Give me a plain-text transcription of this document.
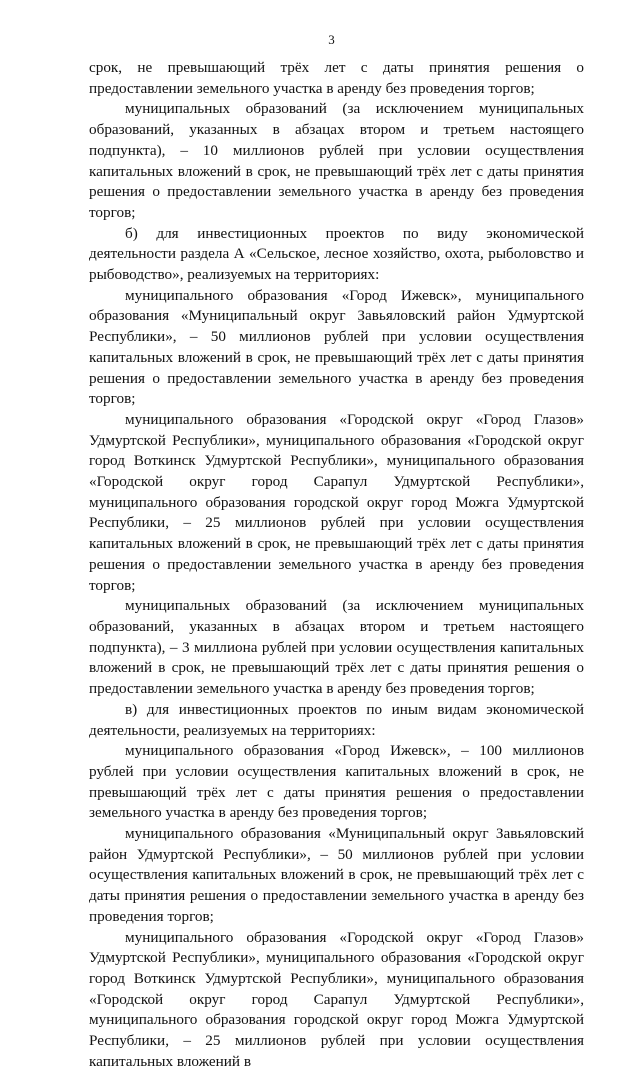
3

срок, не превышающий трёх лет с даты принятия решения о предоставлении земельного участка в аренду без проведения торгов;

муниципальных образований (за исключением муниципальных образований, указанных в абзацах втором и третьем настоящего подпункта), – 10 миллионов рублей при условии осуществления капитальных вложений в срок, не превышающий трёх лет с даты принятия решения о предоставлении земельного участка в аренду без проведения торгов;

б) для инвестиционных проектов по виду экономической деятельности раздела А «Сельское, лесное хозяйство, охота, рыболовство и рыбоводство», реализуемых на территориях:

муниципального образования «Город Ижевск», муниципального образования «Муниципальный округ Завьяловский район Удмуртской Республики», – 50 миллионов рублей при условии осуществления капитальных вложений в срок, не превышающий трёх лет с даты принятия решения о предоставлении земельного участка в аренду без проведения торгов;

муниципального образования «Городской округ «Город Глазов» Удмуртской Республики», муниципального образования «Городской округ город Воткинск Удмуртской Республики», муниципального образования «Городской округ город Сарапул Удмуртской Республики», муниципального образования городской округ город Можга Удмуртской Республики, – 25 миллионов рублей при условии осуществления капитальных вложений в срок, не превышающий трёх лет с даты принятия решения о предоставлении земельного участка в аренду без проведения торгов;

муниципальных образований (за исключением муниципальных образований, указанных в абзацах втором и третьем настоящего подпункта), – 3 миллиона рублей при условии осуществления капитальных вложений в срок, не превышающий трёх лет с даты принятия решения о предоставлении земельного участка в аренду без проведения торгов;

в) для инвестиционных проектов по иным видам экономической деятельности, реализуемых на территориях:

муниципального образования «Город Ижевск», – 100 миллионов рублей при условии осуществления капитальных вложений в срок, не превышающий трёх лет с даты принятия решения о предоставлении земельного участка в аренду без проведения торгов;

муниципального образования «Муниципальный округ Завьяловский район Удмуртской Республики», – 50 миллионов рублей при условии осуществления капитальных вложений в срок, не превышающий трёх лет с даты принятия решения о предоставлении земельного участка в аренду без проведения торгов;

муниципального образования «Городской округ «Город Глазов» Удмуртской Республики», муниципального образования «Городской округ город Воткинск Удмуртской Республики», муниципального образования «Городской округ город Сарапул Удмуртской Республики», муниципального образования городской округ город Можга Удмуртской Республики, – 25 миллионов рублей при условии осуществления капитальных вложений в
